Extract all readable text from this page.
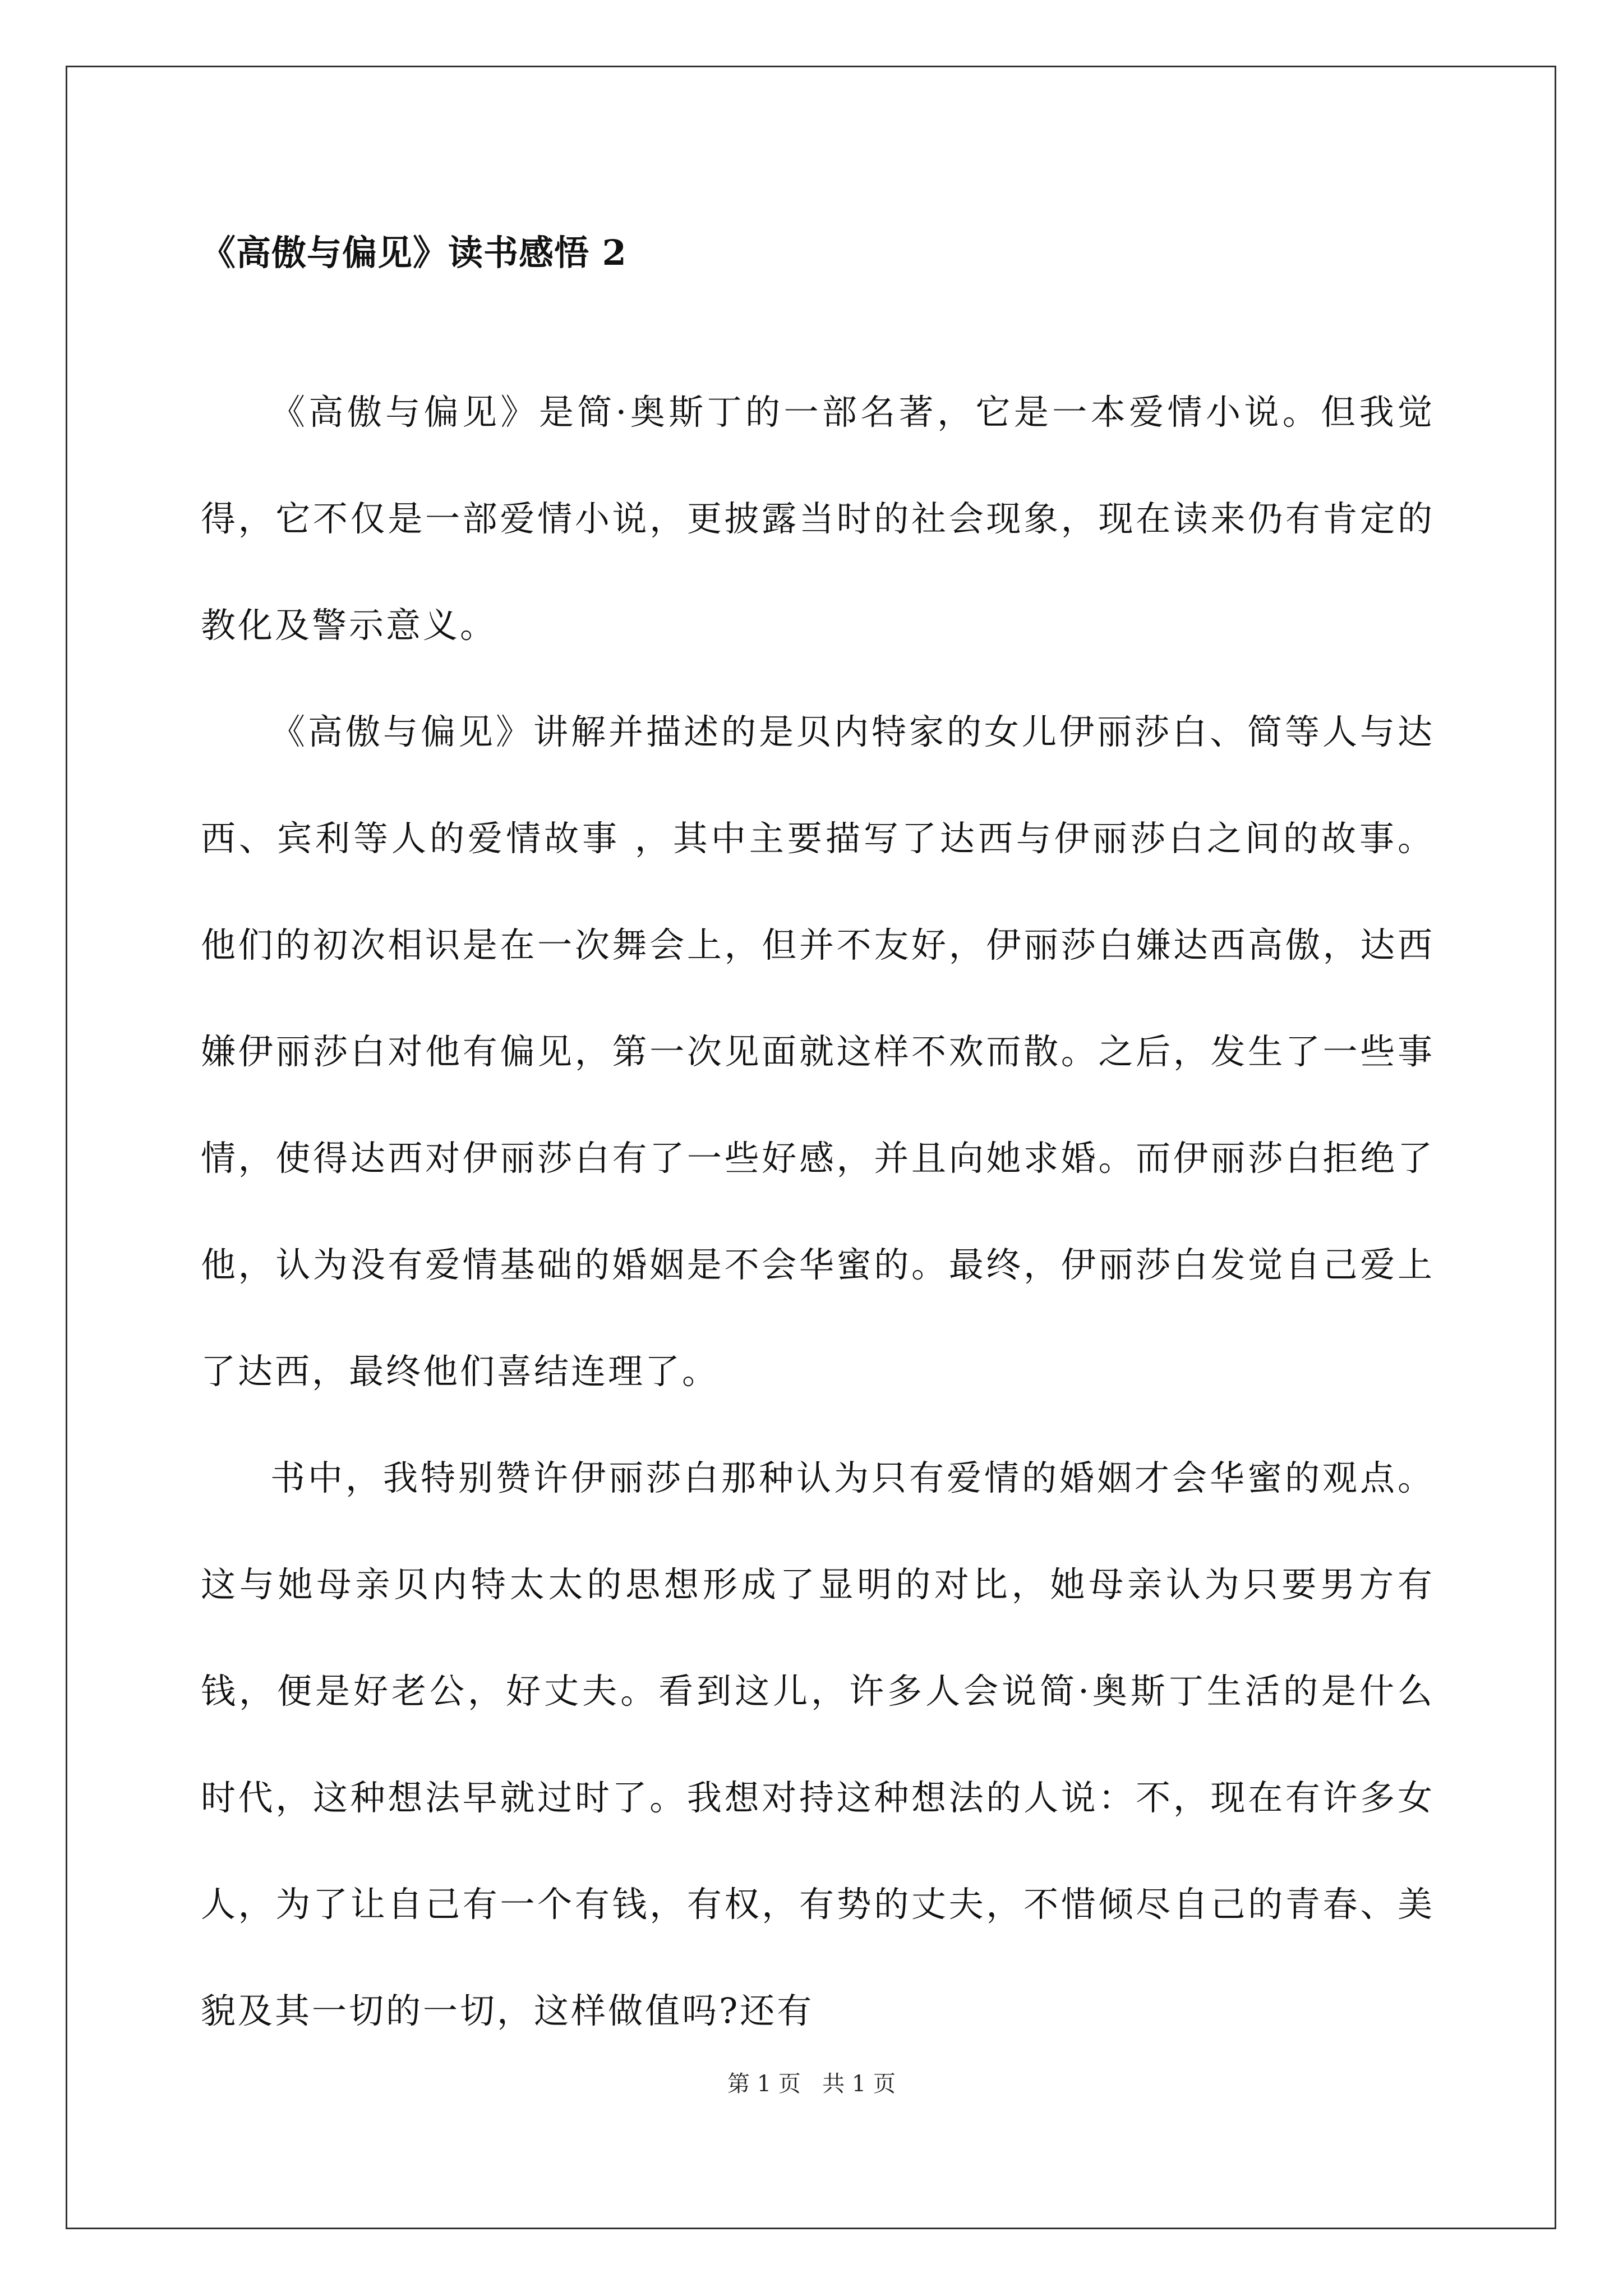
《高傲与偏见》读书感悟 2

《高傲与偏见》是简·奥斯丁的一部名著，它是一本爱情小说。但我觉得，它不仅是一部爱情小说，更披露当时的社会现象，现在读来仍有肯定的教化及警示意义。

《高傲与偏见》讲解并描述的是贝内特家的女儿伊丽莎白、简等人与达西、宾利等人的爱情故事 ，其中主要描写了达西与伊丽莎白之间的故事。他们的初次相识是在一次舞会上，但并不友好，伊丽莎白嫌达西高傲，达西嫌伊丽莎白对他有偏见，第一次见面就这样不欢而散。之后，发生了一些事情，使得达西对伊丽莎白有了一些好感，并且向她求婚。而伊丽莎白拒绝了他，认为没有爱情基础的婚姻是不会华蜜的。最终，伊丽莎白发觉自己爱上了达西，最终他们喜结连理了。

书中，我特别赞许伊丽莎白那种认为只有爱情的婚姻才会华蜜的观点。这与她母亲贝内特太太的思想形成了显明的对比，她母亲认为只要男方有钱，便是好老公，好丈夫。看到这儿，许多人会说简·奥斯丁生活的是什么时代，这种想法早就过时了。我想对持这种想法的人说：不，现在有许多女人，为了让自己有一个有钱，有权，有势的丈夫，不惜倾尽自己的青春、美貌及其一切的一切，这样做值吗?还有

第 1 页   共 1 页
